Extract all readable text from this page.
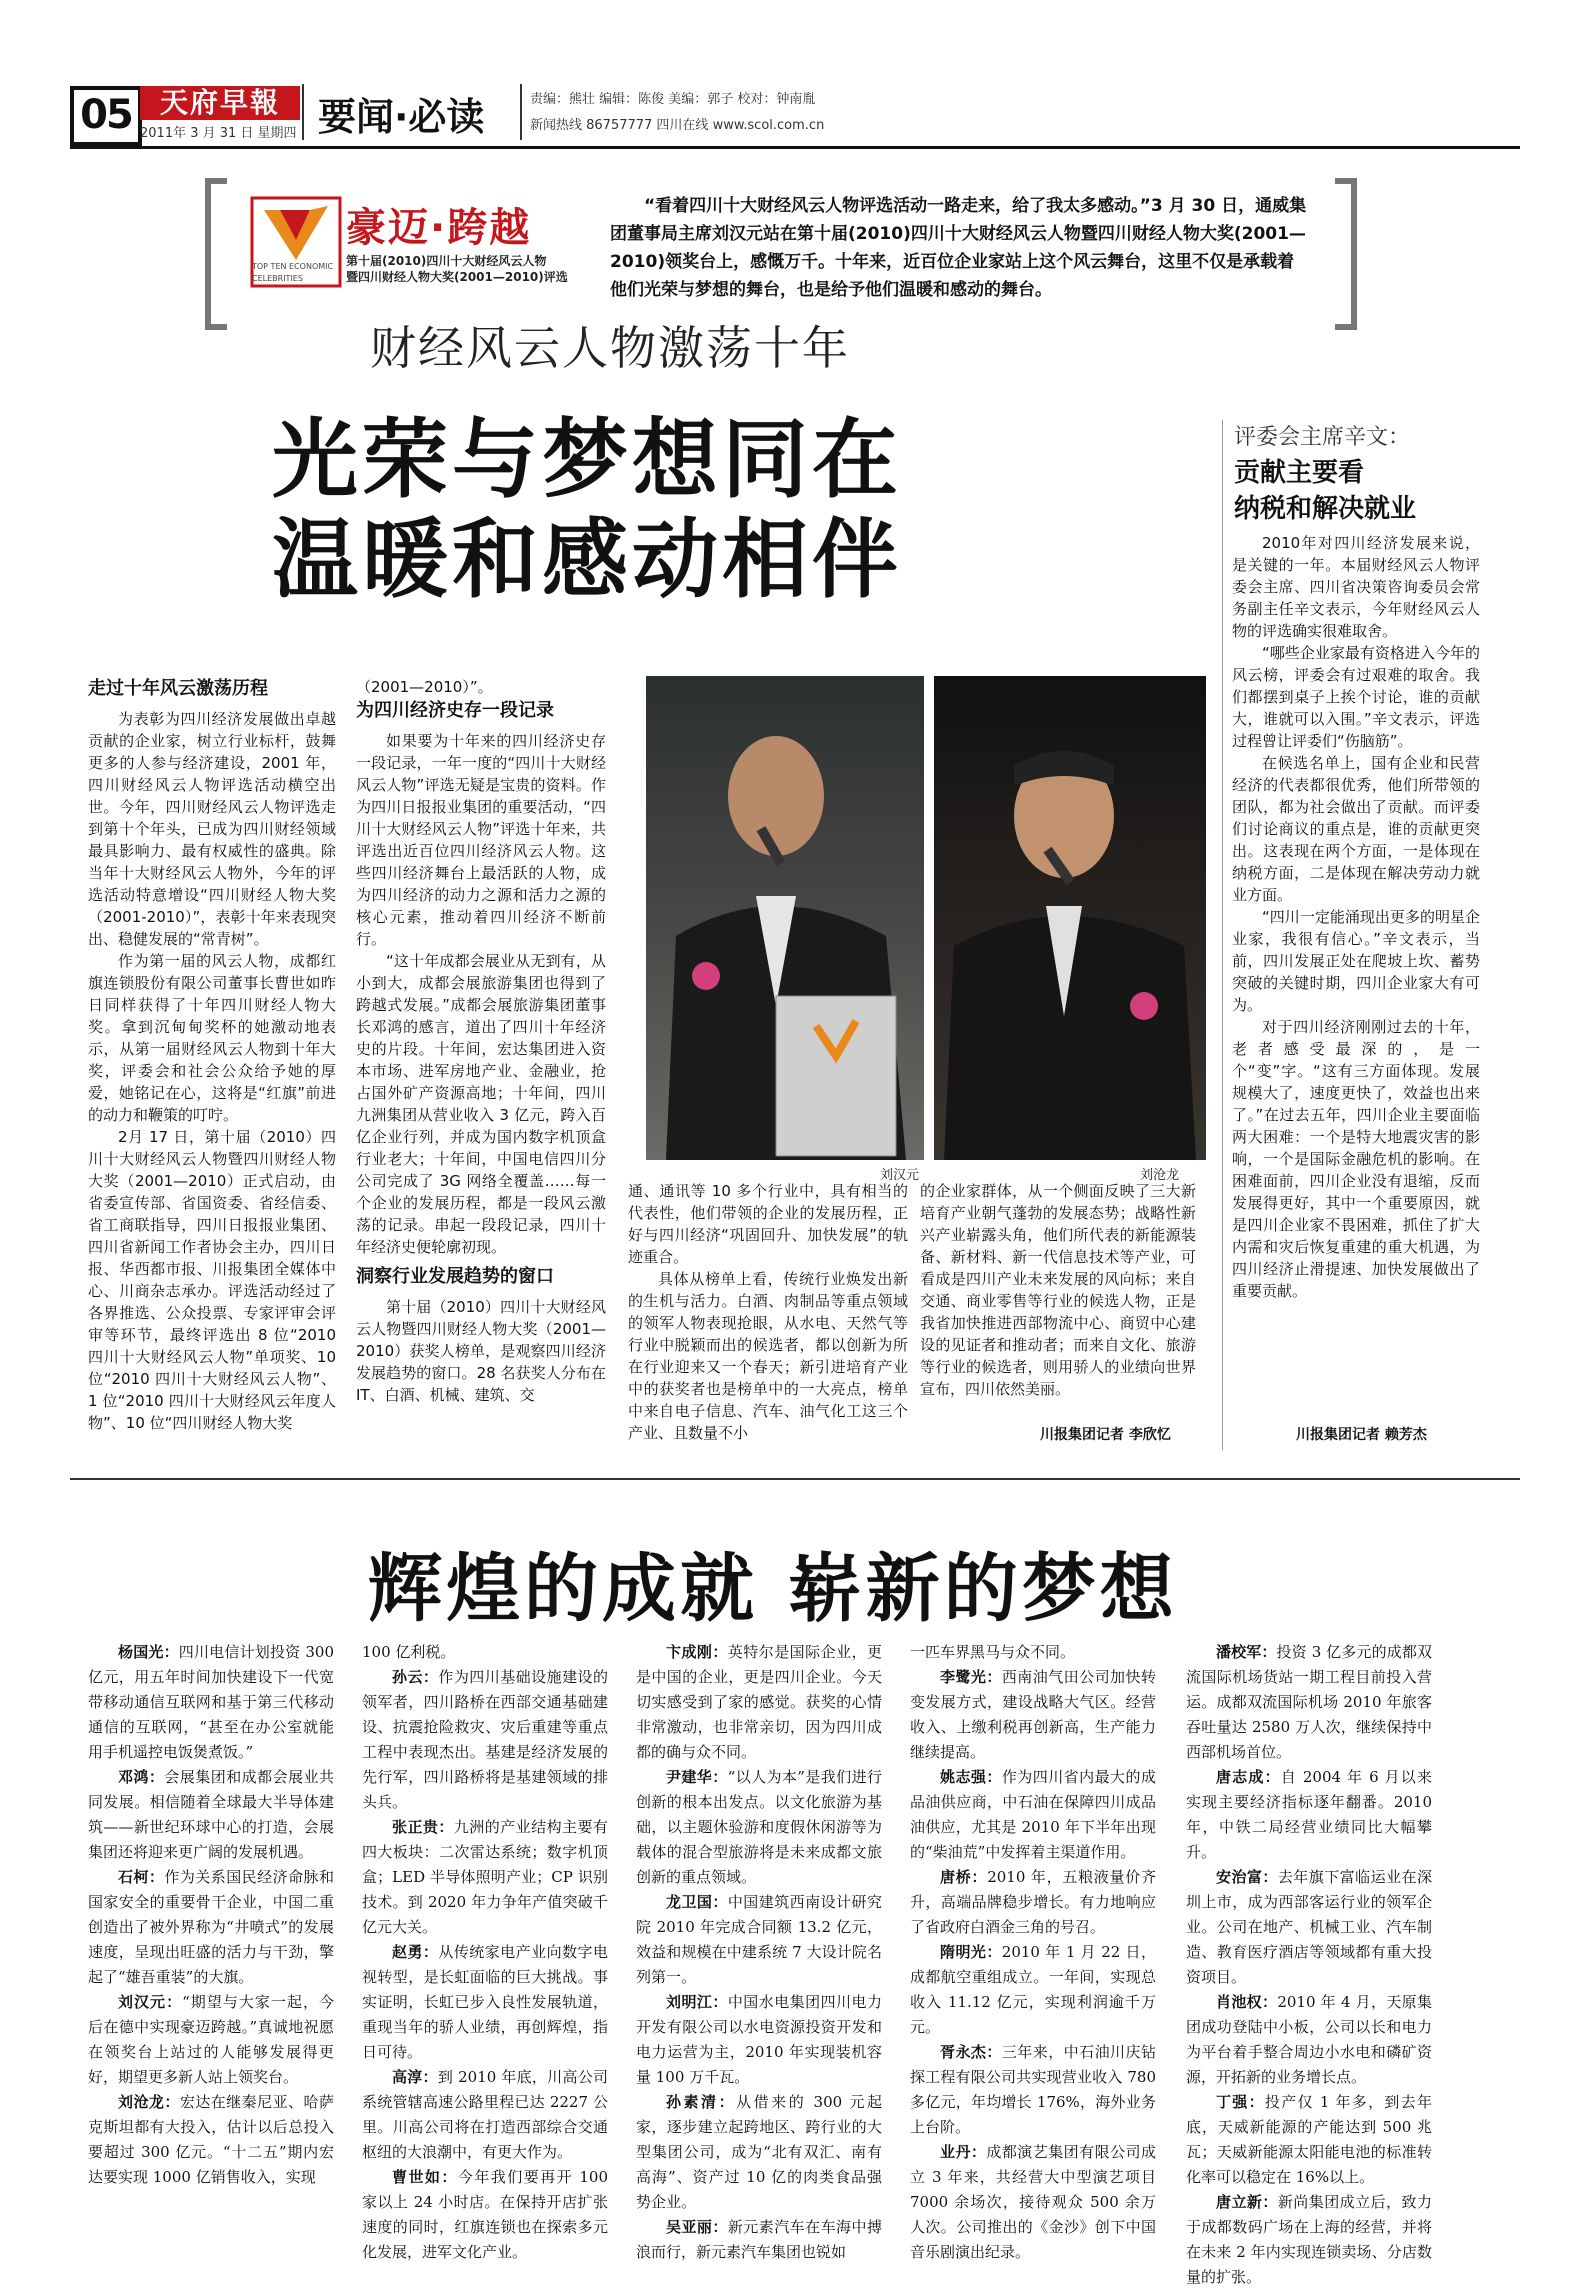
05	天府早報
2011年 3 月 31 日 星期四 要闻·必读	责编：熊壮 编辑：陈俊 美编：郭子 校对：钟南胤
新闻热线 86757777 四川在线 www.scol.com.cn
TOP TEN ECONOMIC
CELEBRITIES
豪迈·跨越
第十届(2010)四川十大财经风云人物
暨四川财经人物大奖(2001—2010)评选
“看着四川十大财经风云人物评选活动一路走来，给了我太多感动。”3 月 30 日，通威集团董事局主席刘汉元站在第十届(2010)四川十大财经风云人物暨四川财经人物大奖(2001—2010)领奖台上，感慨万千。十年来，近百位企业家站上这个风云舞台，这里不仅是承载着他们光荣与梦想的舞台，也是给予他们温暖和感动的舞台。
财经风云人物激荡十年
光荣与梦想同在
温暖和感动相伴
评委会主席辛文：
贡献主要看
纳税和解决就业

2010年对四川经济发展来说，是关键的一年。本届财经风云人物评委会主席、四川省决策咨询委员会常务副主任辛文表示，今年财经风云人物的评选确实很难取舍。

“哪些企业家最有资格进入今年的风云榜，评委会有过艰难的取舍。我们都摆到桌子上挨个讨论，谁的贡献大，谁就可以入围。”辛文表示，评选过程曾让评委们“伤脑筋”。

在候选名单上，国有企业和民营经济的代表都很优秀，他们所带领的团队，都为社会做出了贡献。而评委们讨论商议的重点是，谁的贡献更突出。这表现在两个方面，一是体现在纳税方面，二是体现在解决劳动力就业方面。

“四川一定能涌现出更多的明星企业家，我很有信心。”辛文表示，当前，四川发展正处在爬坡上坎、蓄势突破的关键时期，四川企业家大有可为。

对于四川经济刚刚过去的十年，老者感受最深的，是一个“变”字。“这有三方面体现。发展规模大了，速度更快了，效益也出来了。”在过去五年，四川企业主要面临两大困难：一个是特大地震灾害的影响，一个是国际金融危机的影响。在困难面前，四川企业没有退缩，反而发展得更好，其中一个重要原因，就是四川企业家不畏困难，抓住了扩大内需和灾后恢复重建的重大机遇，为四川经济止滑提速、加快发展做出了重要贡献。

川报集团记者 赖芳杰
走过十年风云激荡历程

为表彰为四川经济发展做出卓越贡献的企业家，树立行业标杆，鼓舞更多的人参与经济建设，2001 年，四川财经风云人物评选活动横空出世。今年，四川财经风云人物评选走到第十个年头，已成为四川财经领域最具影响力、最有权威性的盛典。除当年十大财经风云人物外，今年的评选活动特意增设“四川财经人物大奖（2001-2010）”，表彰十年来表现突出、稳健发展的“常青树”。

作为第一届的风云人物，成都红旗连锁股份有限公司董事长曹世如昨日同样获得了十年四川财经人物大奖。拿到沉甸甸奖杯的她激动地表示，从第一届财经风云人物到十年大奖，评委会和社会公众给予她的厚爱，她铭记在心，这将是“红旗”前进的动力和鞭策的叮咛。

2月 17 日，第十届（2010）四川十大财经风云人物暨四川财经人物大奖（2001—2010）正式启动，由省委宣传部、省国资委、省经信委、省工商联指导，四川日报报业集团、四川省新闻工作者协会主办，四川日报、华西都市报、川报集团全媒体中心、川商杂志承办。评选活动经过了各界推选、公众投票、专家评审会评审等环节，最终评选出 8 位“2010 四川十大财经风云人物”单项奖、10 位“2010 四川十大财经风云人物”、1 位“2010 四川十大财经风云年度人物”、10 位“四川财经人物大奖

（2001—2010）”。

为四川经济史存一段记录

如果要为十年来的四川经济史存一段记录，一年一度的“四川十大财经风云人物”评选无疑是宝贵的资料。作为四川日报报业集团的重要活动，“四川十大财经风云人物”评选十年来，共评选出近百位四川经济风云人物。这些四川经济舞台上最活跃的人物，成为四川经济的动力之源和活力之源的核心元素，推动着四川经济不断前行。

“这十年成都会展业从无到有，从小到大，成都会展旅游集团也得到了跨越式发展。”成都会展旅游集团董事长邓鸿的感言，道出了四川十年经济史的片段。十年间，宏达集团进入资本市场、进军房地产业、金融业，抢占国外矿产资源高地；十年间，四川九洲集团从营业收入 3 亿元，跨入百亿企业行列，并成为国内数字机顶盒行业老大；十年间，中国电信四川分公司完成了 3G 网络全覆盖……每一个企业的发展历程，都是一段风云激荡的记录。串起一段段记录，四川十年经济史便轮廓初现。

洞察行业发展趋势的窗口

第十届（2010）四川十大财经风云人物暨四川财经人物大奖（2001—2010）获奖人榜单，是观察四川经济发展趋势的窗口。28 名获奖人分布在 IT、白酒、机械、建筑、交

刘汉元	刘沧龙

通、通讯等 10 多个行业中，具有相当的代表性，他们带领的企业的发展历程，正好与四川经济“巩固回升、加快发展”的轨迹重合。

具体从榜单上看，传统行业焕发出新的生机与活力。白酒、肉制品等重点领域的领军人物表现抢眼，从水电、天然气等行业中脱颖而出的候选者，都以创新为所在行业迎来又一个春天；新引进培育产业中的获奖者也是榜单中的一大亮点，榜单中来自电子信息、汽车、油气化工这三个产业、且数量不小

的企业家群体，从一个侧面反映了三大新培育产业朝气蓬勃的发展态势；战略性新兴产业崭露头角，他们所代表的新能源装备、新材料、新一代信息技术等产业，可看成是四川产业未来发展的风向标；来自交通、商业零售等行业的候选人物，正是我省加快推进西部物流中心、商贸中心建设的见证者和推动者；而来自文化、旅游等行业的候选者，则用骄人的业绩向世界宣布，四川依然美丽。

川报集团记者 李欣忆
辉煌的成就 崭新的梦想

杨国光：四川电信计划投资 300 亿元，用五年时间加快建设下一代宽带移动通信互联网和基于第三代移动通信的互联网，“甚至在办公室就能用手机遥控电饭煲煮饭。”

邓鸿：会展集团和成都会展业共同发展。相信随着全球最大半导体建筑——新世纪环球中心的打造，会展集团还将迎来更广阔的发展机遇。

石柯：作为关系国民经济命脉和国家安全的重要骨干企业，中国二重创造出了被外界称为“井喷式”的发展速度，呈现出旺盛的活力与干劲，擎起了“雄吾重装”的大旗。

刘汉元：“期望与大家一起，今后在德中实现豪迈跨越。”真诚地祝愿在领奖台上站过的人能够发展得更好，期望更多新人站上领奖台。

刘沧龙：宏达在继秦尼亚、哈萨克斯坦都有大投入，估计以后总投入要超过 300 亿元。“十二五”期内宏达要实现 1000 亿销售收入，实现

100 亿利税。

孙云：作为四川基础设施建设的领军者，四川路桥在西部交通基础建设、抗震抢险救灾、灾后重建等重点工程中表现杰出。基建是经济发展的先行军，四川路桥将是基建领域的排头兵。

张正贵：九洲的产业结构主要有四大板块：二次雷达系统；数字机顶盒；LED 半导体照明产业；CP 识别技术。到 2020 年力争年产值突破千亿元大关。

赵勇：从传统家电产业向数字电视转型，是长虹面临的巨大挑战。事实证明，长虹已步入良性发展轨道，重现当年的骄人业绩，再创辉煌，指日可待。

高淳：到 2010 年底，川高公司系统管辖高速公路里程已达 2227 公里。川高公司将在打造西部综合交通枢纽的大浪潮中，有更大作为。

曹世如：今年我们要再开 100 家以上 24 小时店。在保持开店扩张速度的同时，红旗连锁也在探索多元化发展，进军文化产业。

卞成刚：英特尔是国际企业，更是中国的企业，更是四川企业。今天切实感受到了家的感觉。获奖的心情非常激动，也非常亲切，因为四川成都的确与众不同。

尹建华：“以人为本”是我们进行创新的根本出发点。以文化旅游为基础，以主题休验游和度假休闲游等为载体的混合型旅游将是未来成都文旅创新的重点领域。

龙卫国：中国建筑西南设计研究院 2010 年完成合同额 13.2 亿元，效益和规模在中建系统 7 大设计院名列第一。

刘明江：中国水电集团四川电力开发有限公司以水电资源投资开发和电力运营为主，2010 年实现装机容量 100 万千瓦。

孙素清：从借来的 300 元起家，逐步建立起跨地区、跨行业的大型集团公司，成为“北有双汇、南有高海”、资产过 10 亿的肉类食品强势企业。

吴亚丽：新元素汽车在车海中搏浪而行，新元素汽车集团也锐如

一匹车界黑马与众不同。

李鹭光：西南油气田公司加快转变发展方式，建设战略大气区。经营收入、上缴利税再创新高，生产能力继续提高。

姚志强：作为四川省内最大的成品油供应商，中石油在保障四川成品油供应，尤其是 2010 年下半年出现的“柴油荒”中发挥着主渠道作用。

唐桥：2010 年，五粮液量价齐升，高端品牌稳步增长。有力地响应了省政府白酒金三角的号召。

隋明光：2010 年 1 月 22 日，成都航空重组成立。一年间，实现总收入 11.12 亿元，实现利润逾千万元。

胥永杰：三年来，中石油川庆钻探工程有限公司共实现营业收入 780 多亿元，年均增长 176%，海外业务上台阶。

业丹：成都演艺集团有限公司成立 3 年来，共经营大中型演艺项目 7000 余场次，接待观众 500 余万人次。公司推出的《金沙》创下中国音乐剧演出纪录。

潘校军：投资 3 亿多元的成都双流国际机场货站一期工程目前投入营运。成都双流国际机场 2010 年旅客吞吐量达 2580 万人次，继续保持中西部机场首位。

唐志成：自 2004 年 6 月以来实现主要经济指标逐年翻番。2010 年，中铁二局经营业绩同比大幅攀升。

安治富：去年旗下富临运业在深圳上市，成为西部客运行业的领军企业。公司在地产、机械工业、汽车制造、教育医疗酒店等领域都有重大投资项目。

肖池权：2010 年 4 月，天原集团成功登陆中小板，公司以长和电力为平台着手整合周边小水电和磷矿资源，开拓新的业务增长点。

丁强：投产仅 1 年多，到去年底，天威新能源的产能达到 500 兆瓦；天威新能源太阳能电池的标准转化率可以稳定在 16%以上。

唐立新：新尚集团成立后，致力于成都数码广场在上海的经营，并将在未来 2 年内实现连锁卖场、分店数量的扩张。
